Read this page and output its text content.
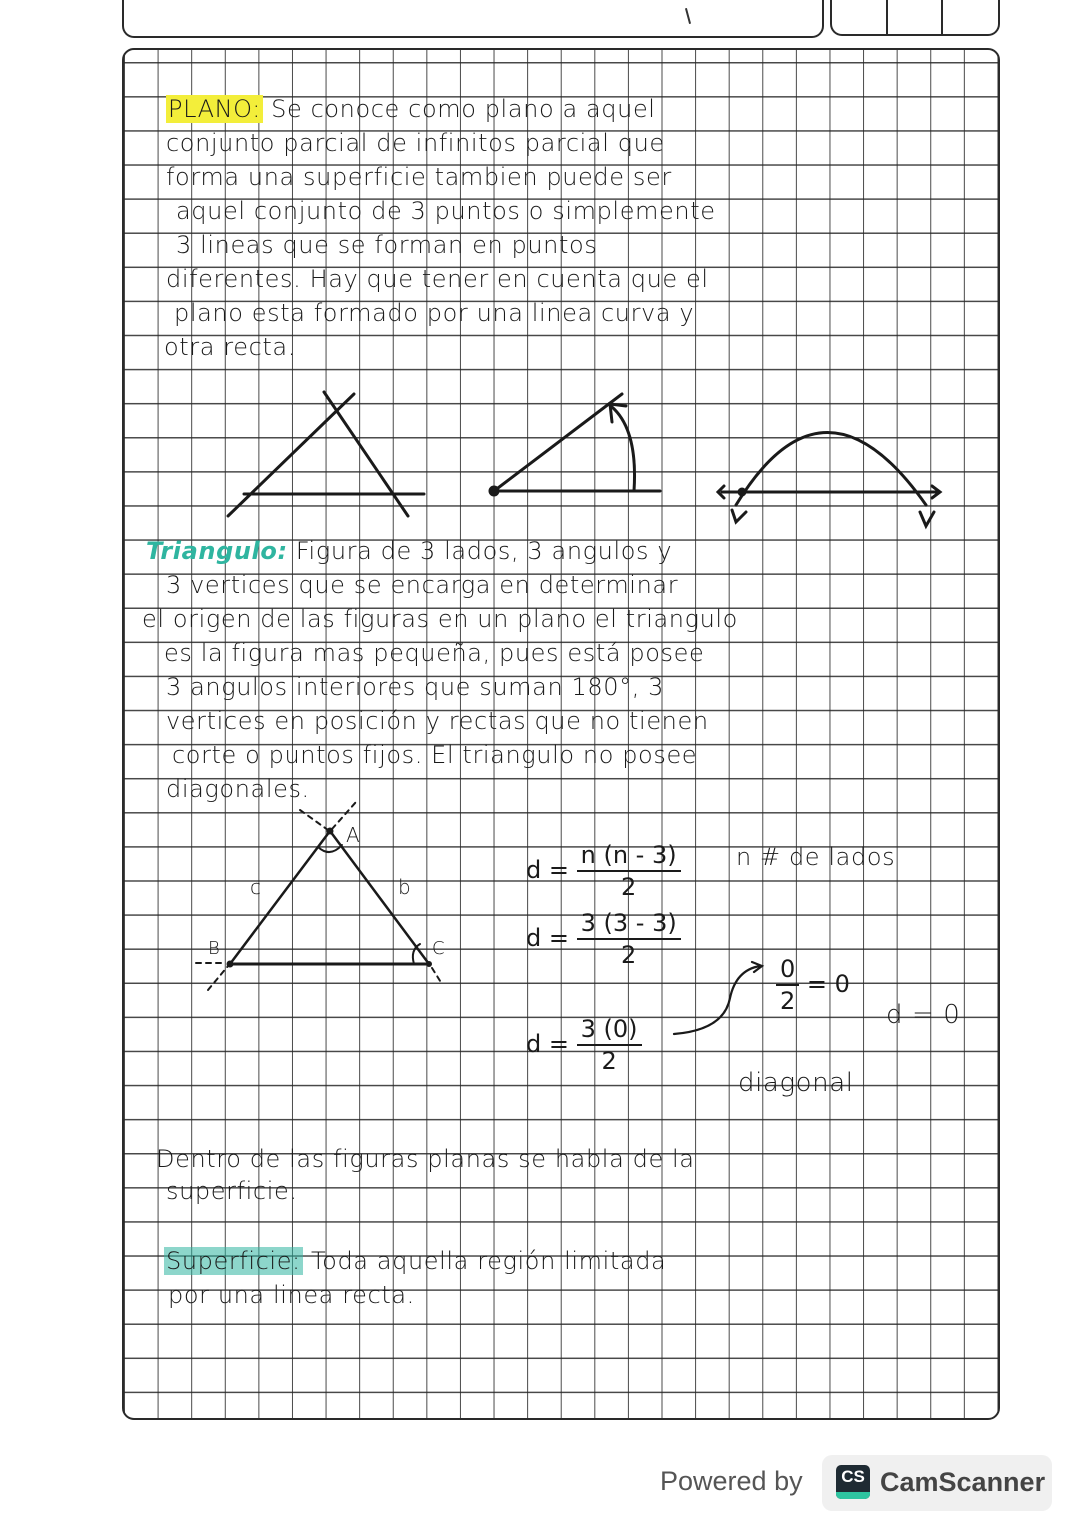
PLANO: Se conoce como plano a aquel
conjunto parcial de infinitos parcial que
forma una superficie tambien puede ser
aquel conjunto de 3 puntos o simplemente
3 lineas que se forman en puntos
diferentes. Hay que tener en cuenta que el
plano esta formado por una linea curva y
otra recta.
Triangulo: Figura de 3 lados, 3 angulos y
3 vertices que se encarga en determinar
el origen de las figuras en un plano el triangulo
es la figura mas pequeña, pues está posee
3 angulos interiores que suman 180°, 3
vertices en posición y rectas que no tienen
corte o puntos fijos. El triangulo no posee
diagonales.
A
c	b
B	C
$d = \frac{n (n - 3)}{2}$ n # de lados
$d = \frac{3 (3 - 3)}{2}$
$d = \frac{3 (0)}{2}$
$\frac{0}{2} = 0$
d = 0
diagonal
Dentro de las figuras planas se habla de la
superficie.
Superficie: Toda aquella región limitada
por una linea recta.
Powered by	CS CamScanner
